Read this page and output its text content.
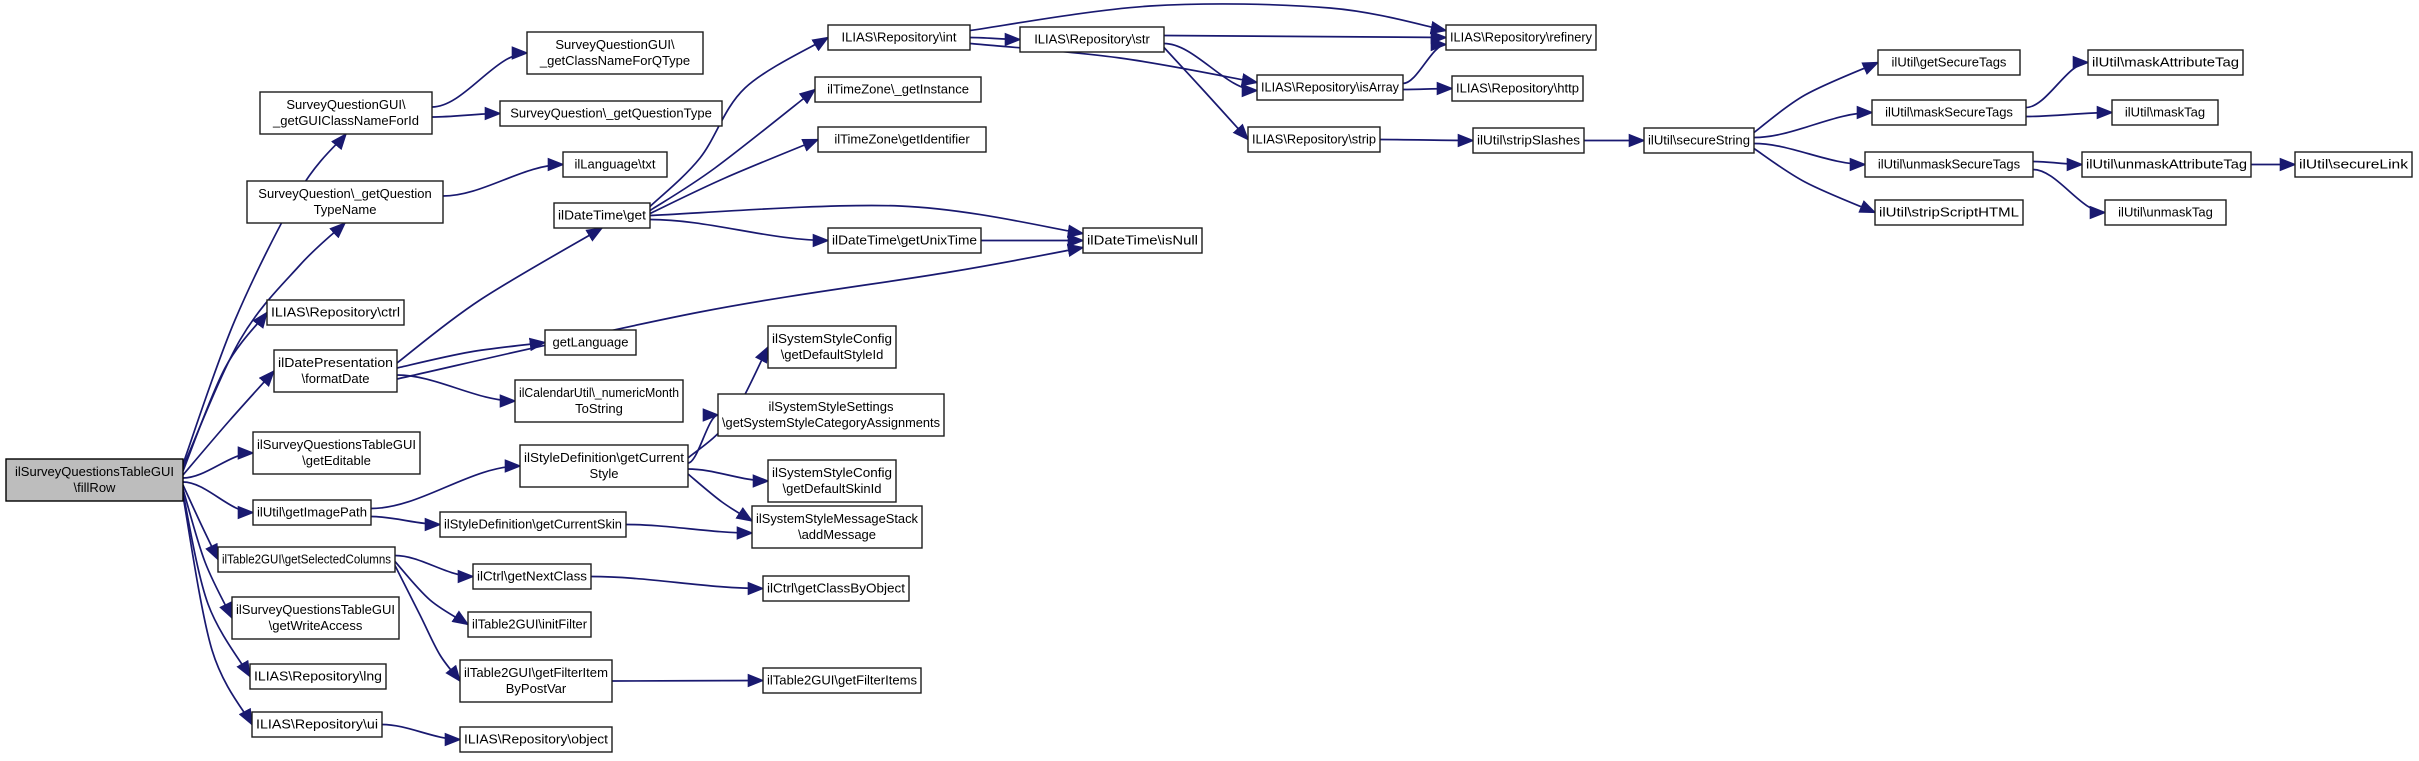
ilSurveyQuestionsTableGUI
\fillRow
SurveyQuestionGUI\
_getGUIClassNameForId
SurveyQuestionGUI\
_getClassNameForQType
SurveyQuestion\_getQuestionType
SurveyQuestion\_getQuestion
TypeName
ilLanguage\txt
ilDateTime\get
ILIAS\Repository\int
ilTimeZone\_getInstance
ilTimeZone\getIdentifier
ILIAS\Repository\str	ILIAS\Repository\refinery
ILIAS\Repository\isArray	ILIAS\Repository\http
ILIAS\Repository\strip	ilUtil\stripSlashes	ilUtil\secureString
ilUtil\getSecureTags
ilUtil\maskSecureTags
ilUtil\unmaskSecureTags
ilUtil\stripScriptHTML
ilUtil\maskAttributeTag
ilUtil\maskTag
ilUtil\unmaskAttributeTag
ilUtil\unmaskTag
ilUtil\secureLink
ilDateTime\getUnixTime	ilDateTime\isNull
ILIAS\Repository\ctrl
ilDatePresentation
\formatDate
getLanguage
ilCalendarUtil\_numericMonth
ToString
ilSurveyQuestionsTableGUI
\getEditable	ilStyleDefinition\getCurrent
Style
ilSystemStyleConfig
\getDefaultStyleId
ilSystemStyleSettings
\getSystemStyleCategoryAssignments
ilSystemStyleConfig
\getDefaultSkinId
ilSystemStyleMessageStack
\addMessage
ilUtil\getImagePath
ilStyleDefinition\getCurrentSkin
ilTable2GUI\getSelectedColumns
ilCtrl\getNextClass
ilCtrl\getClassByObject
ilSurveyQuestionsTableGUI
\getWriteAccess	ilTable2GUI\initFilter
ILIAS\Repository\lng	ilTable2GUI\getFilterItem
ByPostVar
ilTable2GUI\getFilterItems
ILIAS\Repository\ui
ILIAS\Repository\object
